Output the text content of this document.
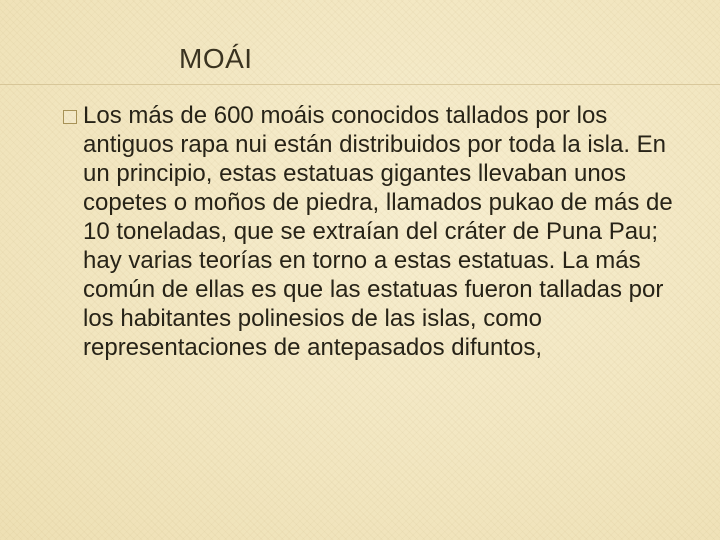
MOÁI

Los más de 600 moáis conocidos tallados por los antiguos rapa nui están distribuidos por toda la isla. En un principio, estas estatuas gigantes llevaban unos copetes o moños de piedra, llamados pukao de más de 10 toneladas, que se extraían del cráter de Puna Pau; hay varias teorías en torno a estas estatuas. La más común de ellas es que las estatuas fueron talladas por los habitantes polinesios de las islas, como representaciones de antepasados difuntos,
